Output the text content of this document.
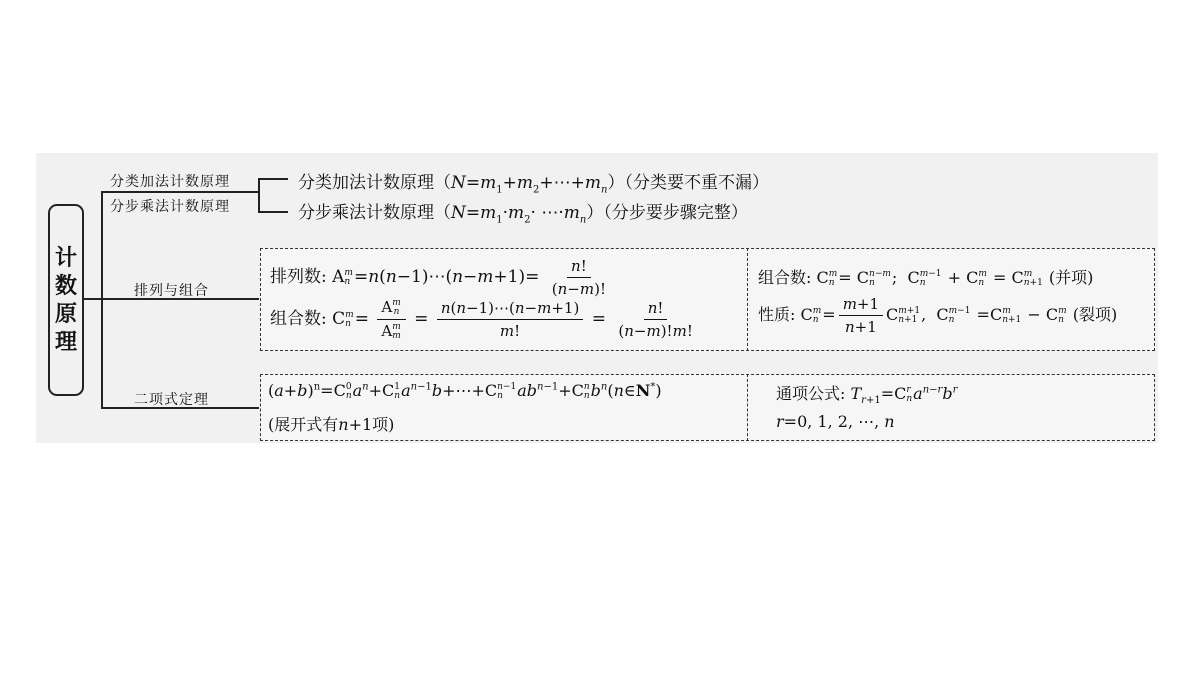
计
数
原
理
分类加法计数原理
分步乘法计数原理
排列与组合
二项式定理
分类加法计数原理$(N=m_1+m_2+\cdots+m_n)$（分类要不重不漏）
分步乘法计数原理（$N=m_1\cdot m_2\cdot$ $\cdots\cdot m_n$）（分步要步骤完整）
排列数: A m
n =n(n−1)⋯(n−m+1)= $\frac{n!}{(n-m)!}$
组合数: C m
n = A m
n
A m
$m = \frac{n(n-1)\cdots(n-m+1)}{m!} = \frac{n!}{(n-m)!m!}$
组合数: C m
n = C n−m
n	;  C m−1
n	+ C m
n = C m
n+1 (并项)
性质: C m
$n = \frac{m+1}{n+1}$ C m+1
n+1 ,  C m−1
n	=C m
n+1 − C m
n (裂项)
$(a+b)^n=C$ 0
n $a^n+C$ 1
n $a^{n-1}b+\cdots+C$ n−1
n $ab^{n-1}+C$ n
n $b^n(n\in N^*)$
(展开式有n+1项)
通项公式: $T_{r+1}=C$ r
n $a^{n-r}b^r$
r=0, 1, 2, ⋯, n
